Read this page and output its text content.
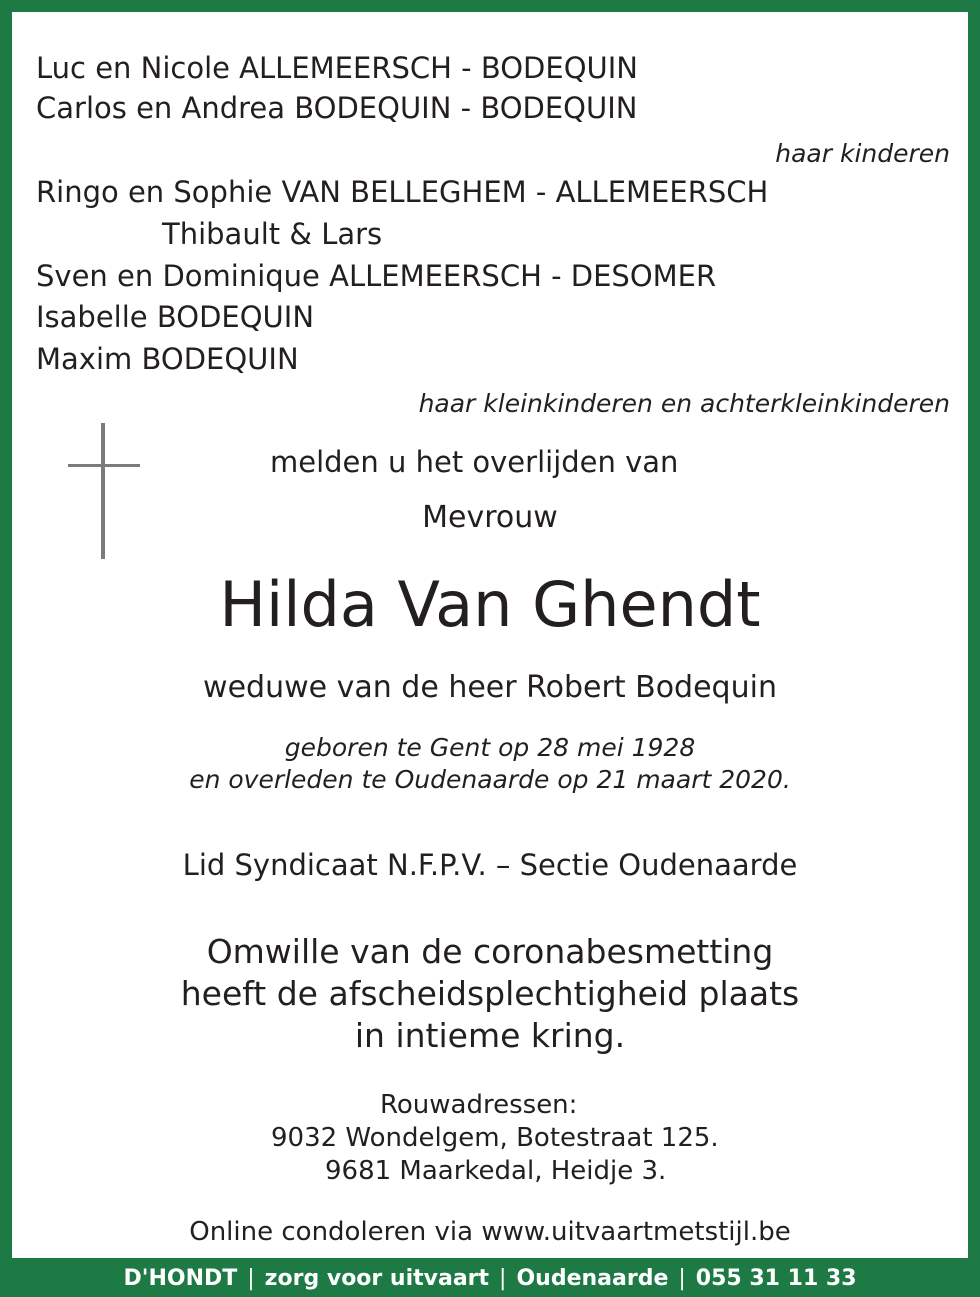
Luc en Nicole ALLEMEERSCH - BODEQUIN

Carlos en Andrea BODEQUIN - BODEQUIN

haar kinderen

Ringo en Sophie VAN BELLEGHEM - ALLEMEERSCH

Thibault & Lars

Sven en Dominique ALLEMEERSCH - DESOMER

Isabelle BODEQUIN

Maxim BODEQUIN

haar kleinkinderen en achterkleinkinderen

melden u het overlijden van

Mevrouw

Hilda Van Ghendt

weduwe van de heer Robert Bodequin

geboren te Gent op 28 mei 1928

en overleden te Oudenaarde op 21 maart 2020.

Lid Syndicaat N.F.P.V. – Sectie Oudenaarde

Omwille van de coronabesmetting

heeft de afscheidsplechtigheid plaats

in intieme kring.

Rouwadressen:

9032 Wondelgem, Botestraat 125.

9681 Maarkedal, Heidje 3.

Online condoleren via www.uitvaartmetstijl.be

D'HONDT | zorg voor uitvaart | Oudenaarde | 055 31 11 33
